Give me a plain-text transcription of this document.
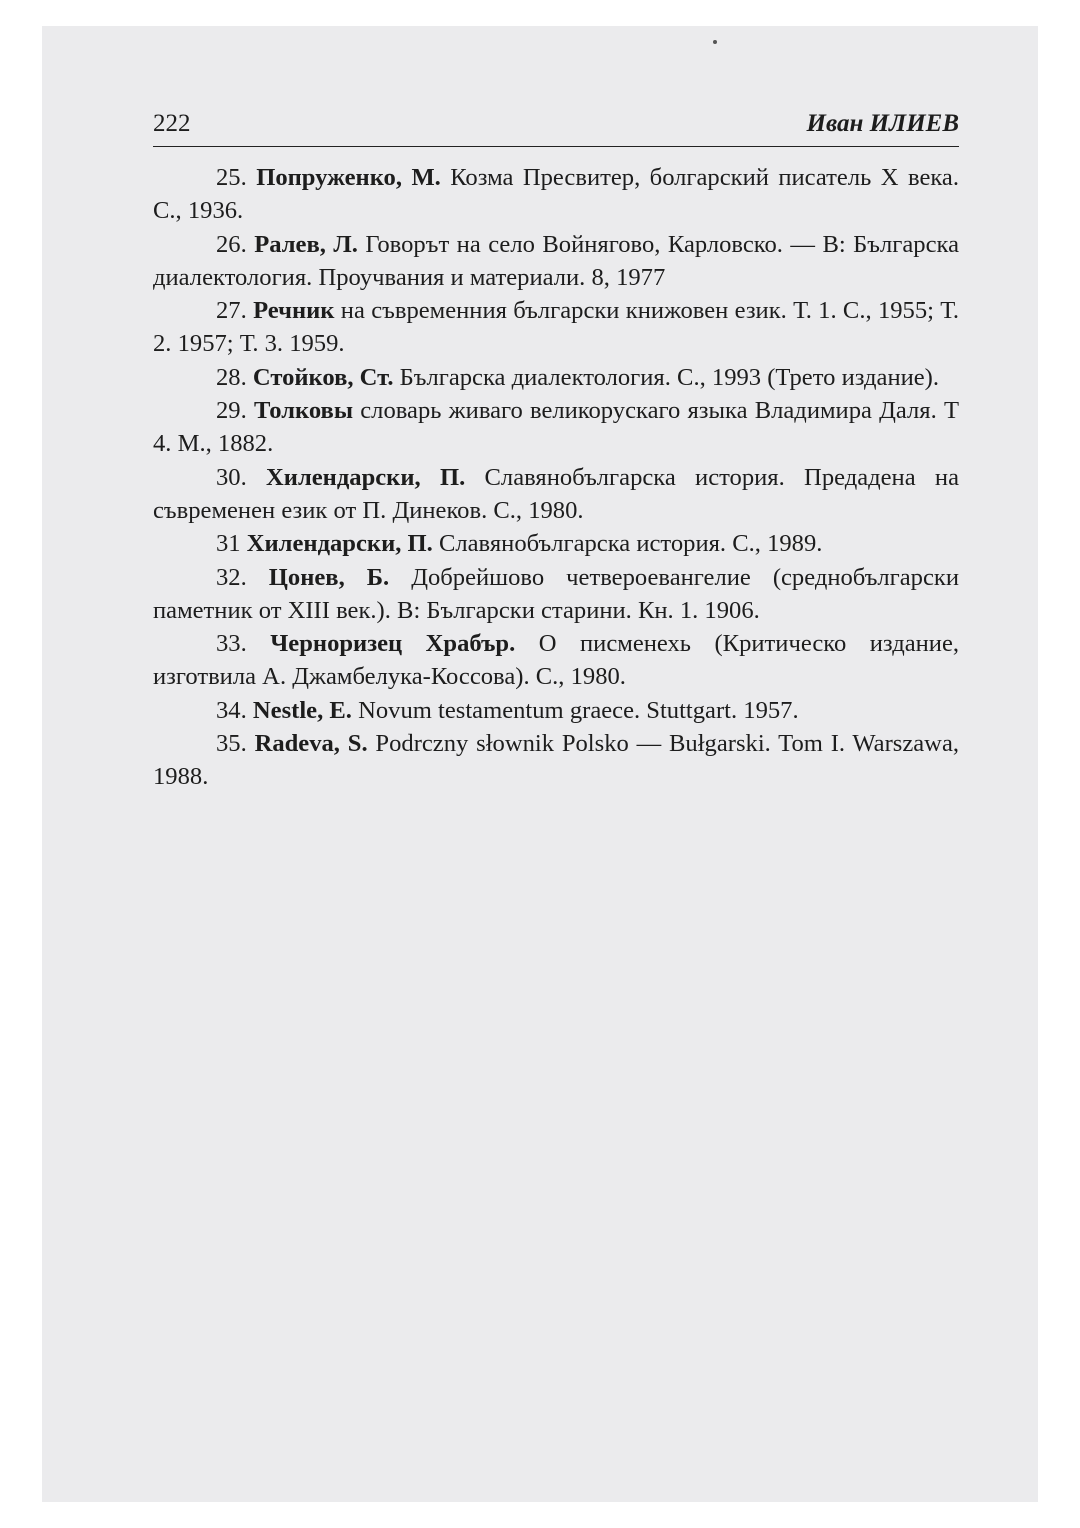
222	Иван ИЛИЕВ
25. Попруженко, М. Козма Пресвитер, болгарский писатель X века. С., 1936.
26. Ралев, Л. Говорът на село Войнягово, Карловско. — В: Българска диалектология. Проучвания и материали. 8, 1977
27. Речник на съвременния български книжовен език. Т. 1. С., 1955; Т. 2. 1957; Т. 3. 1959.
28. Стойков, Ст. Българска диалектология. С., 1993 (Трето издание).
29. Толковы словарь живаго великорускаго языка Владимира Даля. Т 4. М., 1882.
30. Хилендарски, П. Славянобългарска история. Предадена на съвременен език от П. Динеков. С., 1980.
31 Хилендарски, П. Славянобългарска история. С., 1989.
32. Цонев, Б. Добрейшово четвероевангелие (среднобългарски паметник от XIII век.). В: Български старини. Кн. 1. 1906.
33. Черноризец Храбър. О писменехь (Критическо издание, изготвила А. Джамбелука-Коссова). С., 1980.
34. Nestle, E. Novum testamentum graece. Stuttgart. 1957.
35. Radeva, S. Podrczny słownik Polsko — Bułgarski. Tom I. Warszawa, 1988.
